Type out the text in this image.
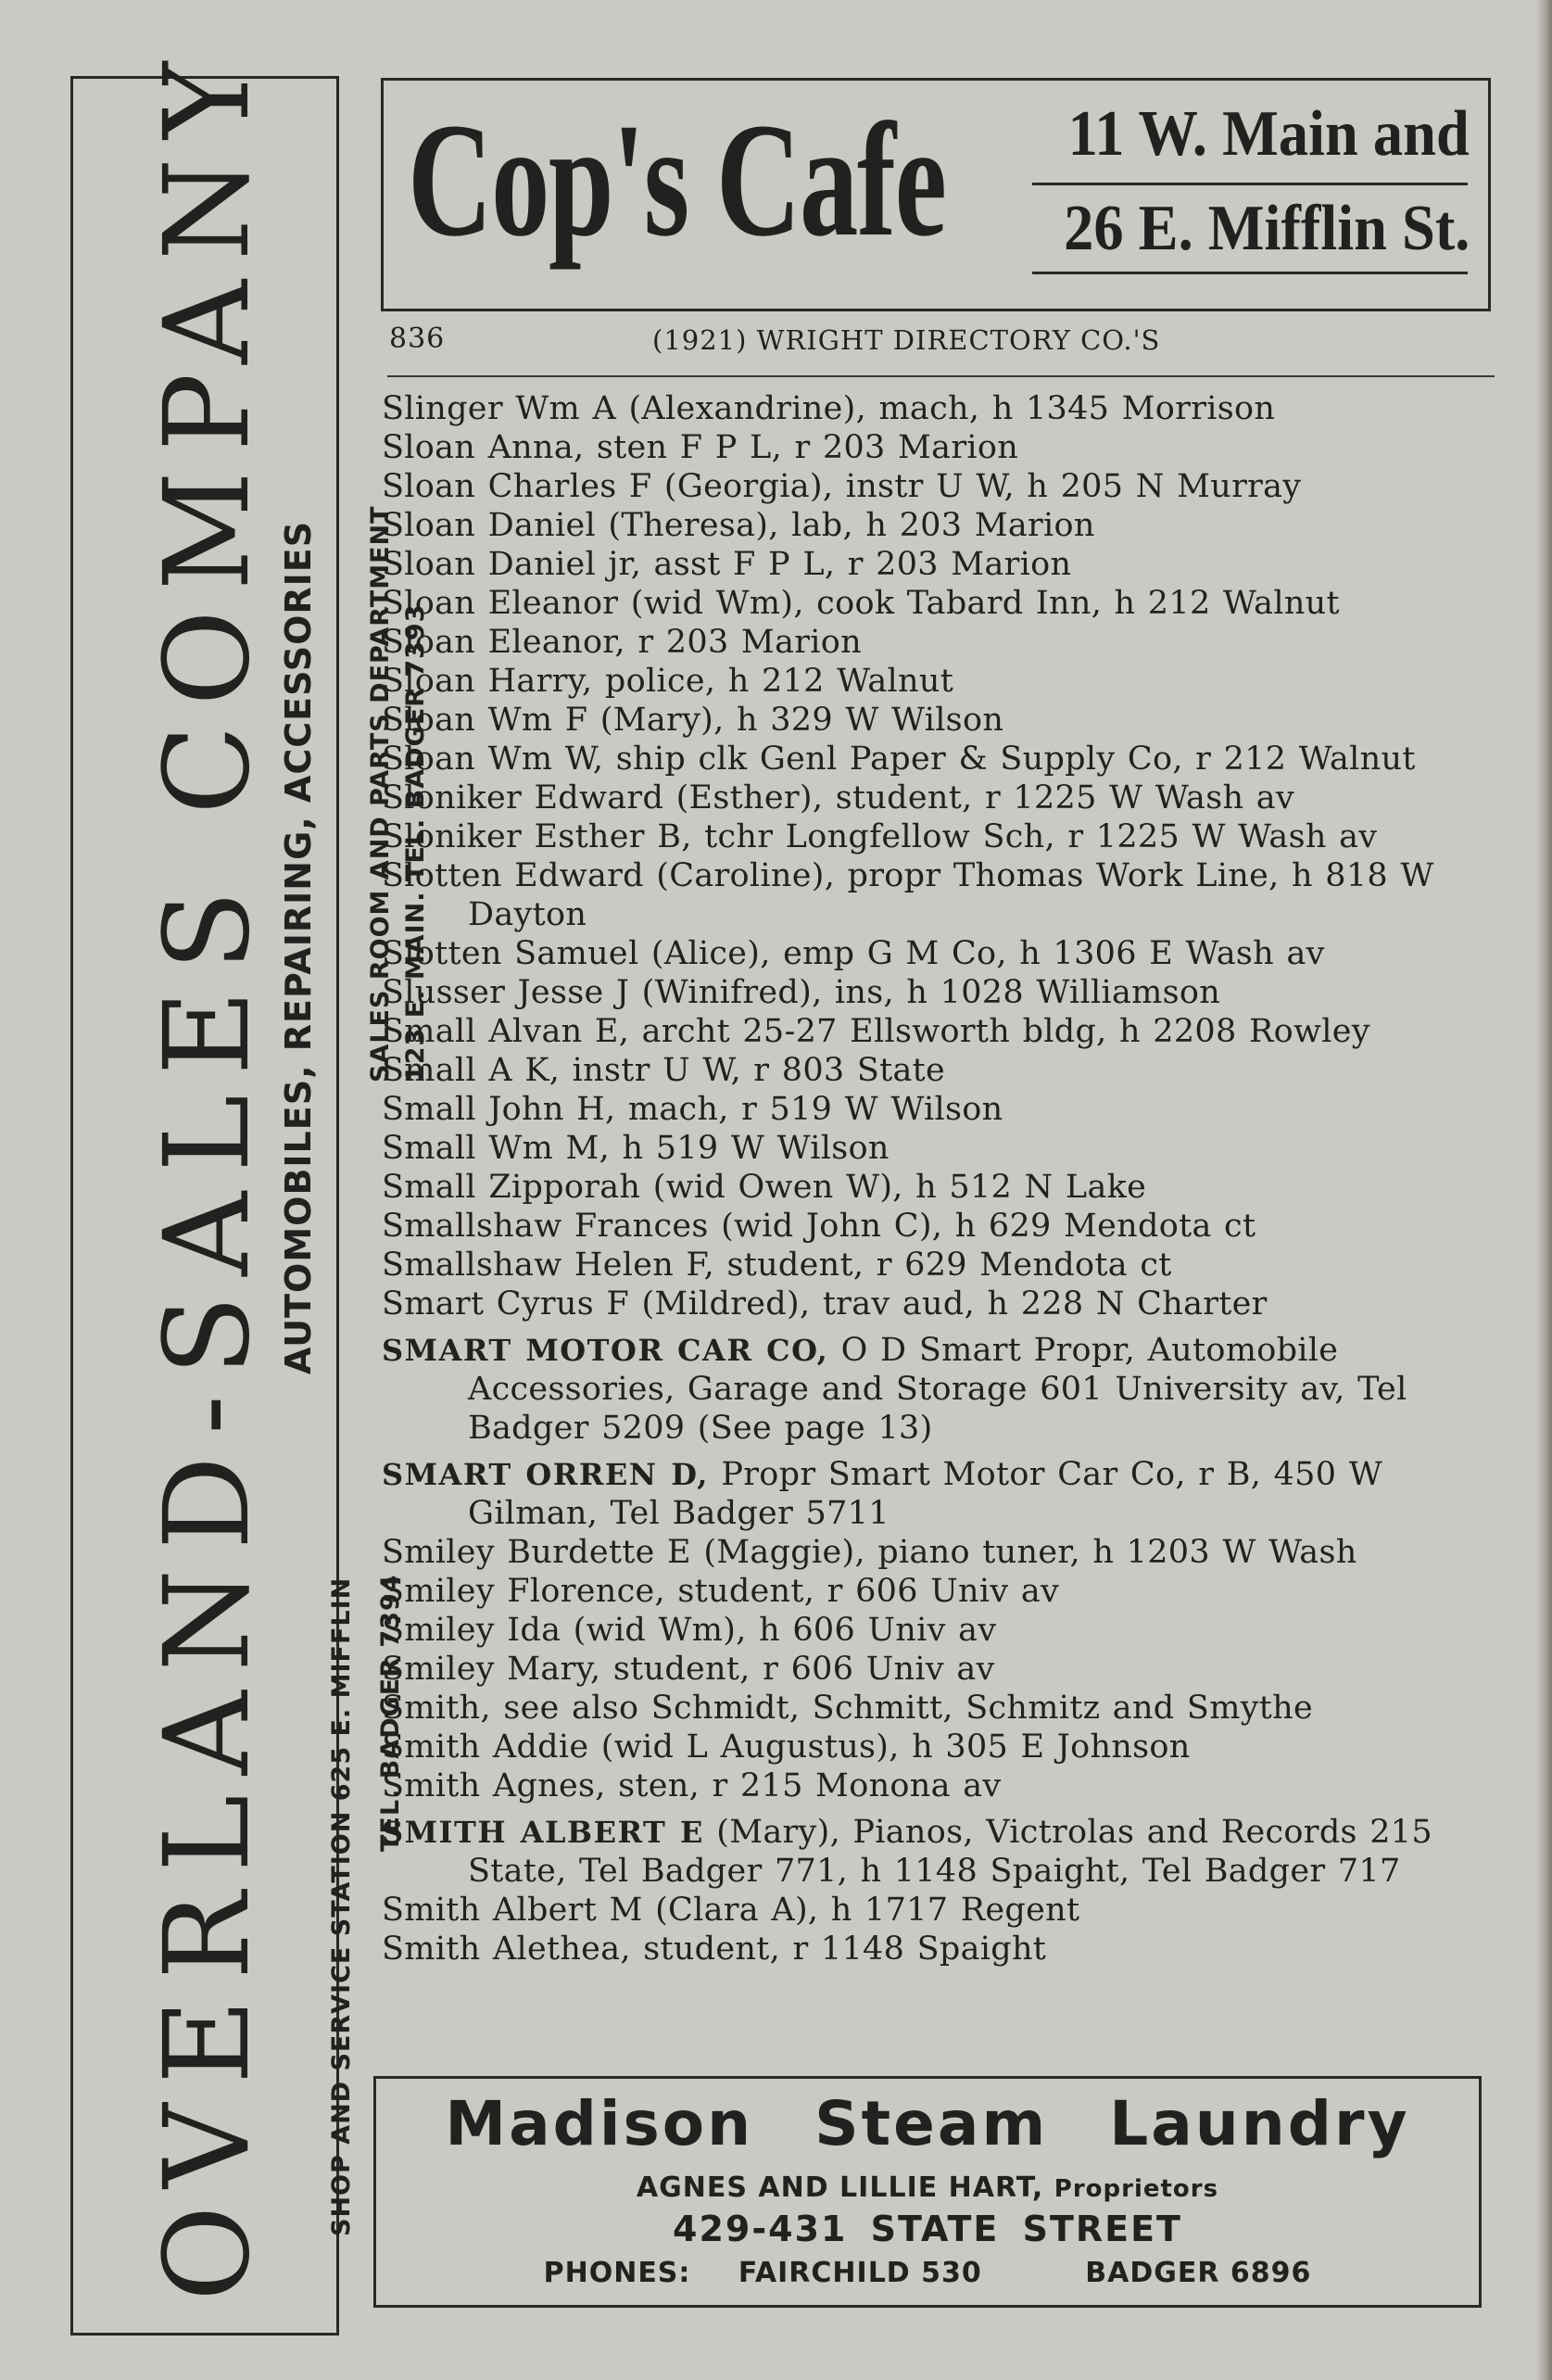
OVERLAND-SALES COMPANY AUTOMOBILES, REPAIRING, ACCESSORIES
SHOP AND SERVICE STATION 625 E. MIFFLIN TEL. BADGER 7394
SALES ROOM AND PARTS DEPARTMENT 123 E. MAIN. TEL. BADGER 7393
Cop's Cafe 11 W. Main and
26 E. Mifflin St.
836	(1921) WRIGHT DIRECTORY CO.'S
Slinger Wm A (Alexandrine), mach, h 1345 Morrison
Sloan Anna, sten F P L, r 203 Marion
Sloan Charles F (Georgia), instr U W, h 205 N Murray
Sloan Daniel (Theresa), lab, h 203 Marion
Sloan Daniel jr, asst F P L, r 203 Marion
Sloan Eleanor (wid Wm), cook Tabard Inn, h 212 Walnut
Sloan Eleanor, r 203 Marion
Sloan Harry, police, h 212 Walnut
Sloan Wm F (Mary), h 329 W Wilson
Sloan Wm W, ship clk Genl Paper & Supply Co, r 212 Walnut
Sloniker Edward (Esther), student, r 1225 W Wash av
Sloniker Esther B, tchr Longfellow Sch, r 1225 W Wash av
Slotten Edward (Caroline), propr Thomas Work Line, h 818 W Dayton
Slotten Samuel (Alice), emp G M Co, h 1306 E Wash av
Slusser Jesse J (Winifred), ins, h 1028 Williamson
Small Alvan E, archt 25-27 Ellsworth bldg, h 2208 Rowley
Small A K, instr U W, r 803 State
Small John H, mach, r 519 W Wilson
Small Wm M, h 519 W Wilson
Small Zipporah (wid Owen W), h 512 N Lake
Smallshaw Frances (wid John C), h 629 Mendota ct
Smallshaw Helen F, student, r 629 Mendota ct
Smart Cyrus F (Mildred), trav aud, h 228 N Charter
SMART MOTOR CAR CO, O D Smart Propr, Automobile Accessories, Garage and Storage 601 University av, Tel Badger 5209 (See page 13)
SMART ORREN D, Propr Smart Motor Car Co, r B, 450 W Gilman, Tel Badger 5711
Smiley Burdette E (Maggie), piano tuner, h 1203 W Wash
Smiley Florence, student, r 606 Univ av
Smiley Ida (wid Wm), h 606 Univ av
Smiley Mary, student, r 606 Univ av
Smith, see also Schmidt, Schmitt, Schmitz and Smythe
Smith Addie (wid L Augustus), h 305 E Johnson
Smith Agnes, sten, r 215 Monona av
SMITH ALBERT E (Mary), Pianos, Victrolas and Records 215 State, Tel Badger 771, h 1148 Spaight, Tel Badger 717
Smith Albert M (Clara A), h 1717 Regent
Smith Alethea, student, r 1148 Spaight
Madison Steam Laundry
AGNES AND LILLIE HART, Proprietors
429-431 STATE STREET
PHONES: FAIRCHILD 530	BADGER 6896
